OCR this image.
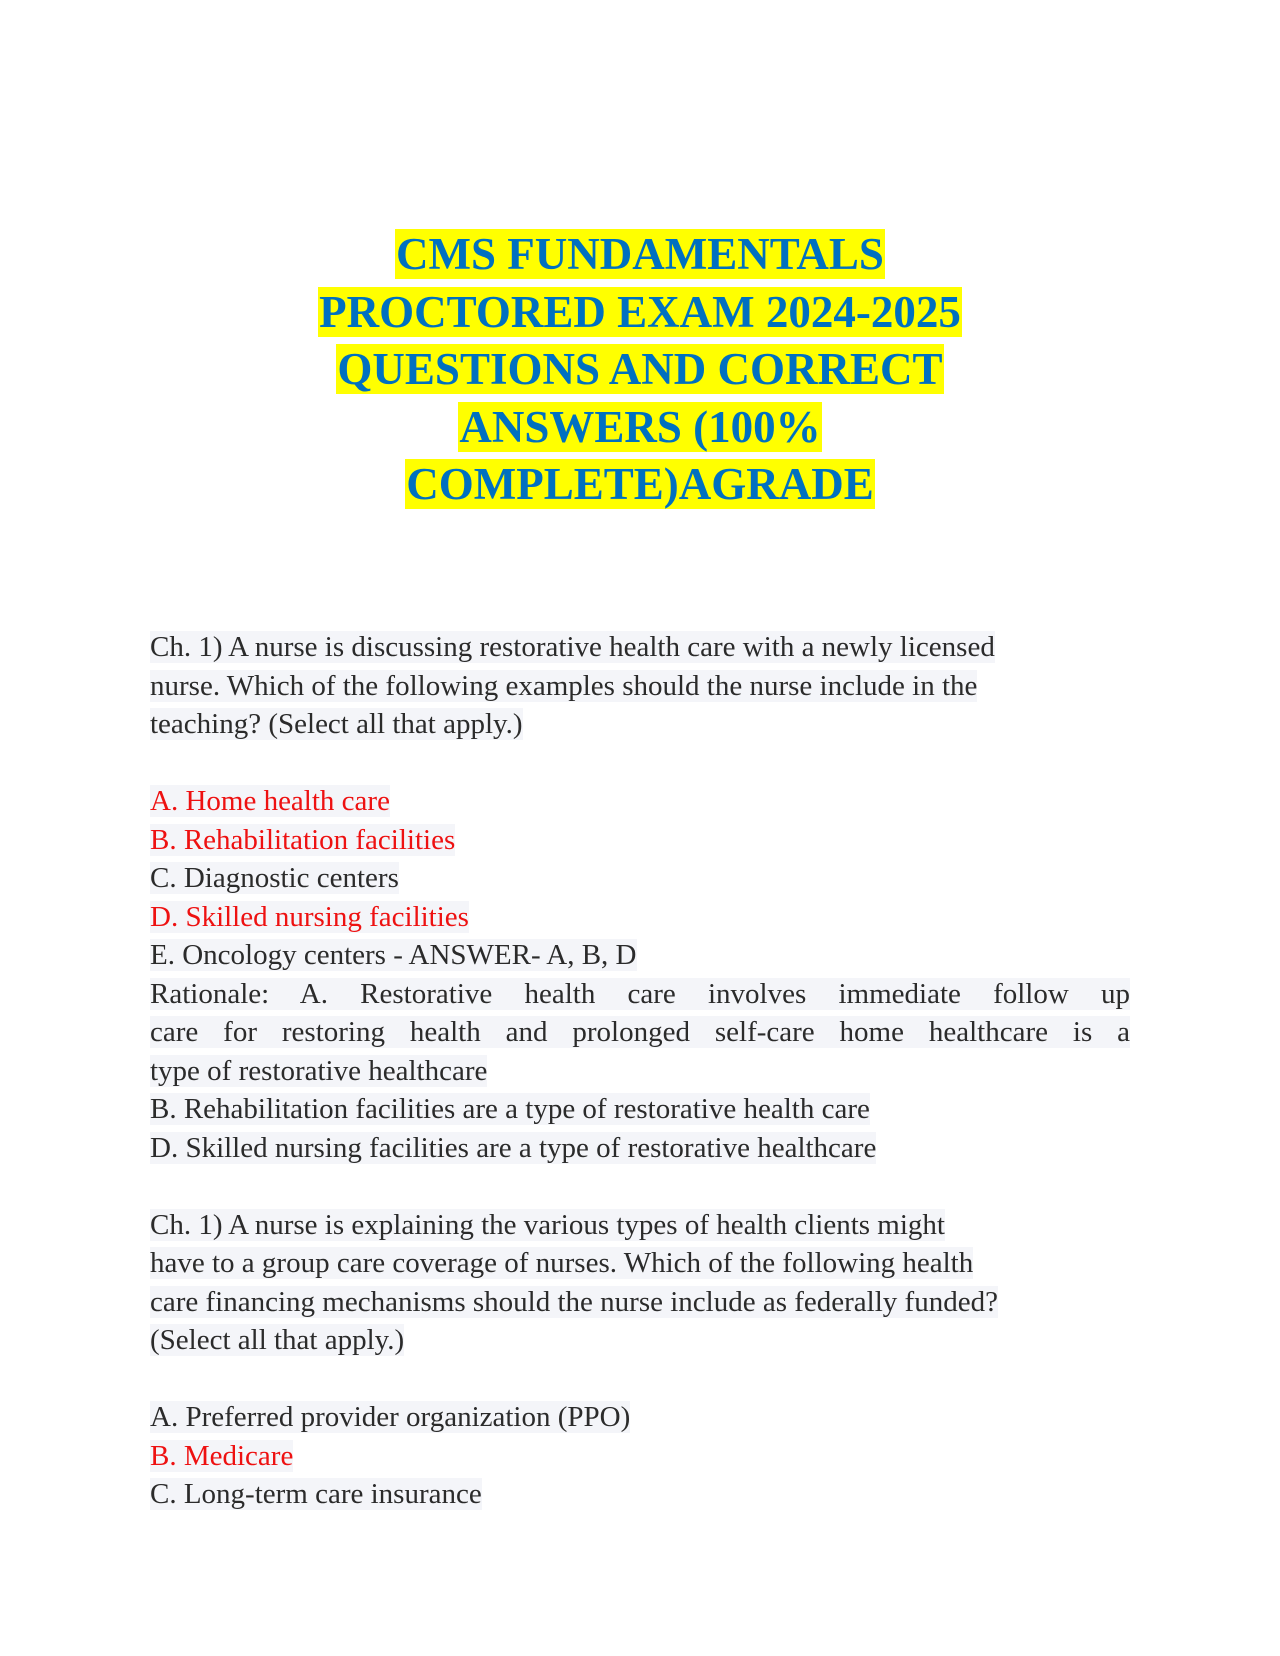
CMS FUNDAMENTALS
PROCTORED EXAM 2024-2025
QUESTIONS AND CORRECT
ANSWERS (100%
COMPLETE)AGRADE
Ch. 1) A nurse is discussing restorative health care with a newly licensed
nurse. Which of the following examples should the nurse include in the
teaching? (Select all that apply.)
A. Home health care
B. Rehabilitation facilities
C. Diagnostic centers
D. Skilled nursing facilities
E. Oncology centers - ANSWER- A, B, D
Rationale: A. Restorative health care involves immediate follow up
care for restoring health and prolonged self-care home healthcare is a
type of restorative healthcare
B. Rehabilitation facilities are a type of restorative health care
D. Skilled nursing facilities are a type of restorative healthcare
Ch. 1) A nurse is explaining the various types of health clients might
have to a group care coverage of nurses. Which of the following health
care financing mechanisms should the nurse include as federally funded?
(Select all that apply.)
A. Preferred provider organization (PPO)
B. Medicare
C. Long-term care insurance
